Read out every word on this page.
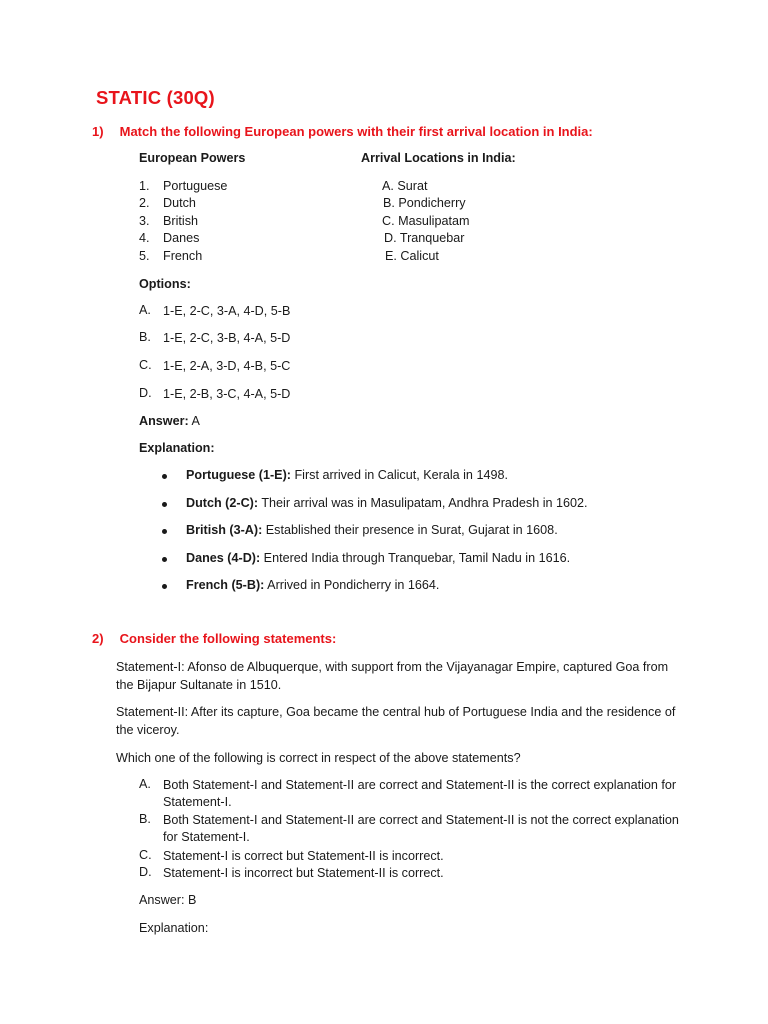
STATIC (30Q)
1) Match the following European powers with their first arrival location in India:
European Powers	Arrival Locations in India:
1. Portuguese
2. Dutch
3. British
4. Danes
5. French
A. Surat
B. Pondicherry
C. Masulipatam
D. Tranquebar
E. Calicut
Options:
A. 1-E, 2-C, 3-A, 4-D, 5-B
B. 1-E, 2-C, 3-B, 4-A, 5-D
C. 1-E, 2-A, 3-D, 4-B, 5-C
D. 1-E, 2-B, 3-C, 4-A, 5-D
Answer: A
Explanation:
Portuguese (1-E): First arrived in Calicut, Kerala in 1498.
Dutch (2-C): Their arrival was in Masulipatam, Andhra Pradesh in 1602.
British (3-A): Established their presence in Surat, Gujarat in 1608.
Danes (4-D): Entered India through Tranquebar, Tamil Nadu in 1616.
French (5-B): Arrived in Pondicherry in 1664.
2) Consider the following statements:
Statement-I: Afonso de Albuquerque, with support from the Vijayanagar Empire, captured Goa from the Bijapur Sultanate in 1510.
Statement-II: After its capture, Goa became the central hub of Portuguese India and the residence of the viceroy.
Which one of the following is correct in respect of the above statements?
A. Both Statement-I and Statement-II are correct and Statement-II is the correct explanation for Statement-I.
B. Both Statement-I and Statement-II are correct and Statement-II is not the correct explanation for Statement-I.
C. Statement-I is correct but Statement-II is incorrect.
D. Statement-I is incorrect but Statement-II is correct.
Answer: B
Explanation:
